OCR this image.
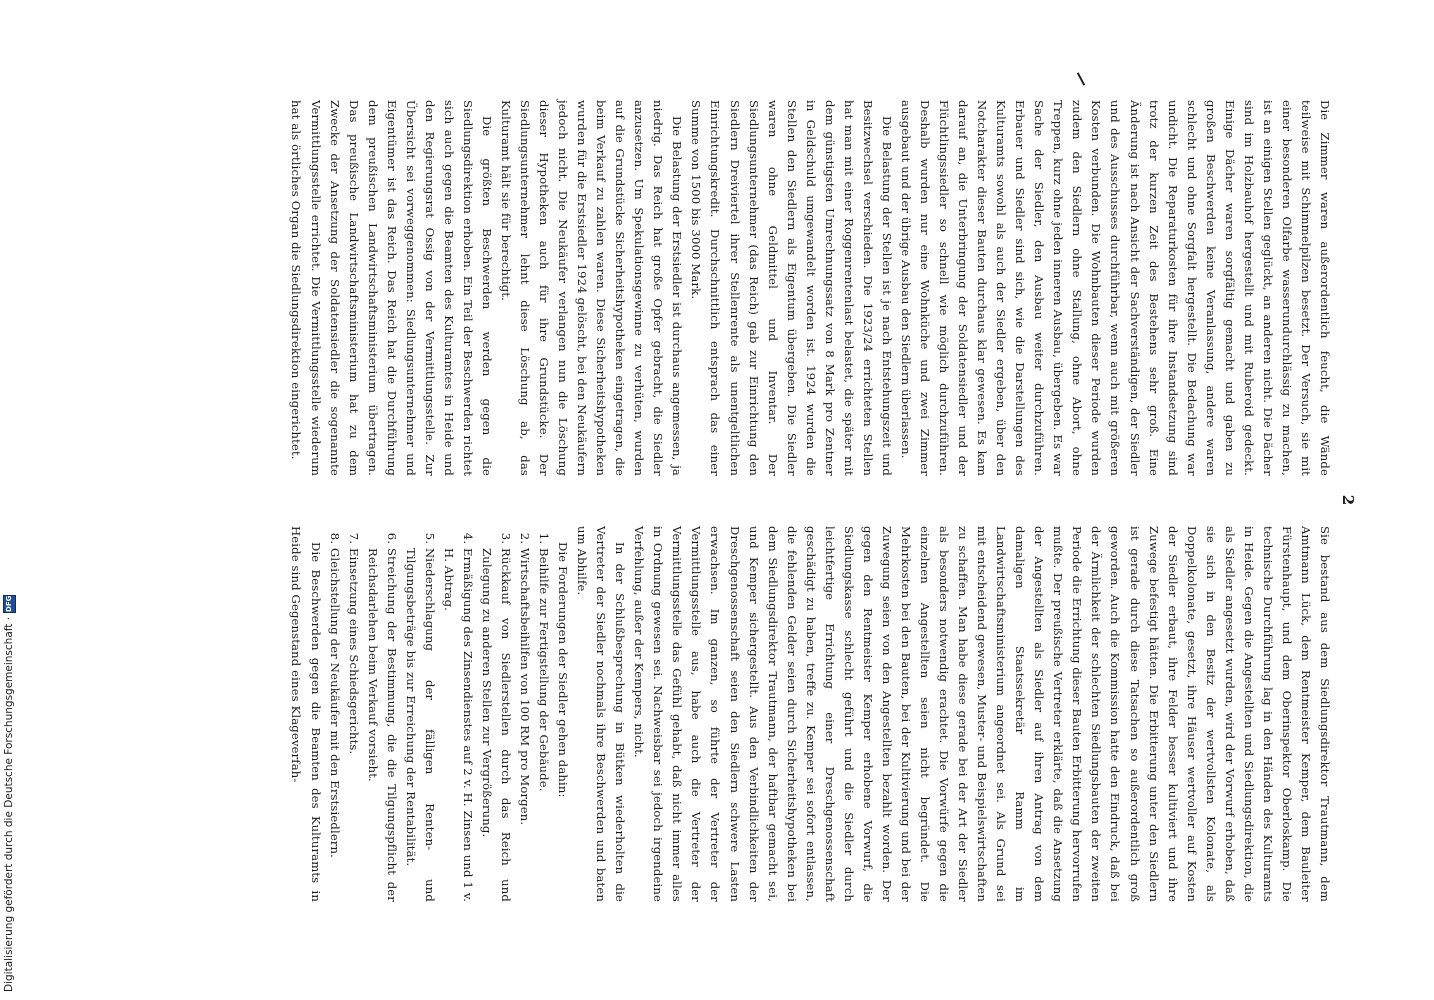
2

Die Zimmer waren außerordentlich feucht, die Wände teilweise mit Schimmelpilzen besetzt. Der Versuch, sie mit einer besonderen Olfarbe wasserundurchlässig zu machen, ist an einigen Stellen geglückt, an anderen nicht. Die Dächer sind im Holzbauhof hergestellt und mit Ruberoid gedeckt. Einige Dächer waren sorgfältig gemacht und gaben zu großen Beschwerden keine Veranlassung, andere waren schlecht und ohne Sorgfalt hergestellt. Die Bedachung war undicht. Die Reparaturkosten für ihre Instandsetzung sind trotz der kurzen Zeit des Bestehens sehr groß. Eine Änderung ist nach Ansicht der Sachverständigen, der Siedler und des Ausschusses durchführbar, wenn auch mit größeren Kosten verbunden. Die Wohnbauten dieser Periode wurden zudem den Siedlern ohne Stallung, ohne Abort, ohne Treppen, kurz ohne jeden inneren Ausbau, übergeben. Es war Sache der Siedler, den Ausbau weiter durchzuführen. Erbauer und Siedler sind sich, wie die Darstellungen des Kulturamts sowohl als auch der Siedler ergeben, über den Notcharakter dieser Bauten durchaus klar gewesen. Es kam darauf an, die Unterbringung der Soldatensiedler und der Flüchtlingssiedler so schnell wie möglich durchzuführen. Deshalb wurden nur eine Wohnküche und zwei Zimmer ausgebaut und der übrige Ausbau den Siedlern überlassen.

Die Belastung der Stellen ist je nach Entstehungszeit und Besitzwechsel verschieden. Die 1923/24 errichteten Stellen hat man mit einer Roggenrentenlast belastet, die später mit dem günstigsten Umrechnungssatz von 8 Mark pro Zentner in Geldschuld umgewandelt worden ist. 1924 wurden die Stellen den Siedlern als Eigentum übergeben. Die Siedler waren ohne Geldmittel und Inventar. Der Siedlungsunternehmer (das Reich) gab zur Einrichtung den Siedlern Dreiviertel ihrer Stellenrente als unentgeltlichen Einrichtungskredit. Durchschnittlich entsprach das einer Summe von 1500 bis 3000 Mark.

Die Belastung der Erstsiedler ist durchaus angemessen, ja niedrig. Das Reich hat große Opfer gebracht, die Siedler anzusetzen. Um Spekulationsgewinne zu verhüten, wurden auf die Grundstücke Sicherheitshypotheken eingetragen, die beim Verkauf zu zahlen waren. Diese Sicherheitshypotheken wurden für die Erstsiedler 1924 gelöscht, bei den Neukäufern jedoch nicht. Die Neukäufer verlangen nun die Löschung dieser Hypotheken auch für ihre Grundstücke. Der Siedlungsunternehmer lehnt diese Löschung ab, das Kulturamt hält sie für berechtigt.

Die größten Beschwerden werden gegen die Siedlungsdirektion erhoben. Ein Teil der Beschwerden richtet sich auch gegen die Beamten des Kulturamtes in Heide und den Regierungsrat Ossig von der Vermittlungsstelle. Zur Übersicht sei vorweggenommen: Siedlungsunternehmer und Eigentümer ist das Reich. Das Reich hat die Durchführung dem preußischen Landwirtschaftsministerium übertragen. Das preußische Landwirtschaftsministerium hat zu dem Zwecke der Ansetzung der Soldatensiedler die sogenannte Vermittlungsstelle errichtet. Die Vermittlungsstelle wiederum hat als örtliches Organ die Siedlungsdirektion eingerichtet.

Sie bestand aus dem Siedlungsdirektor Trautmann, dem Amtmann Lück, dem Rentmeister Kemper, dem Bauleiter Fürstenhaupt, und dem Oberinspektor Oberloskamp. Die technische Durchführung lag in den Händen des Kulturamts in Heide. Gegen die Angestellten und Siedlungsdirektion, die als Siedler angesetzt wurden, wird der Vorwurf erhoben, daß sie sich in den Besitz der wertvollsten Kolonate, als Doppelkolonate, gesetzt, ihre Häuser wertvoller auf Kosten der Siedler erbaut, ihre Felder besser kultiviert und ihre Zuwege befestigt hätten. Die Erbitterung unter den Siedlern ist gerade durch diese Tatsachen so außerordentlich groß geworden. Auch die Kommission hatte den Eindruck, daß bei der Ärmlichkeit der schlechten Siedlungsbauten der zweiten Periode die Errichtung dieser Bauten Erbitterung hervorrufen mußte. Der preußische Vertreter erklärte, daß die Ansetzung der Angestellten als Siedler auf ihren Antrag von dem damaligen Staatssekretär Ramm im Landwirtschaftsministerium angeordnet sei. Als Grund sei mit entscheidend gewesen, Muster- und Beispielswirtschaften zu schaffen. Man habe diese gerade bei der Art der Siedler als besonders notwendig erachtet. Die Vorwürfe gegen die einzelnen Angestellten seien nicht begründet. Die Mehrkosten bei den Bauten, bei der Kultivierung und bei der Zuwegung seien von den Angestellten bezahlt worden. Der gegen den Rentmeister Kemper erhobene Vorwurf, die Siedlungskasse schlecht geführt und die Siedler durch leichtfertige Errichtung einer Dreschgenossenschaft geschädigt zu haben, treffe zu. Kemper sei sofort entlassen, die fehlenden Gelder seien durch Sicherheitshypotheken bei dem Siedlungsdirektor Trautmann, der haftbar gemacht sei, und Kemper sichergestellt. Aus den Verbindlichkeiten der Dreschgenossenschaft seien den Siedlern schwere Lasten erwachsen. Im ganzen, so führte der Vertreter der Vermittlungsstelle aus, habe auch die Vertreter der Vermittlungsstelle das Gefühl gehabt, daß nicht immer alles in Ordnung gewesen sei. Nachweisbar sei jedoch irgendeine Verfehlung, außer der Kempers, nicht.

In der Schlußbesprechung in Bütken wiederholten die Vertreter der Siedler nochmals ihre Beschwerden und baten um Abhilfe.

Die Forderungen der Siedler gehen dahin:

1. Beihilfe zur Fertigstellung der Gebäude.
2. Wirtschaftsbeihilfen von 100 RM pro Morgen.
3. Rückkauf von Siedlerstellen durch das Reich und Zulegung zu anderen Stellen zur Vergrößerung.
4. Ermäßigung des Zinsendienstes auf 2 v. H. Zinsen und 1 v. H. Abtrag.
5. Niederschlagung der fälligen Renten- und Tilgungsbeträge bis zur Erreichung der Rentabilität.
6. Streichung der Bestimmung, die die Tilgungspflicht der Reichsdarlehen beim Verkauf vorsieht.
7. Einsetzung eines Schiedsgerichts.
8. Gleichstellung der Neukäufer mit den Erstsiedlern.

Die Beschwerden gegen die Beamten des Kulturamts in Heide sind Gegenstand eines Klageverfah-

Digitalisierung gefördert durch die Deutsche Forschungsgemeinschaft ·
DFG
